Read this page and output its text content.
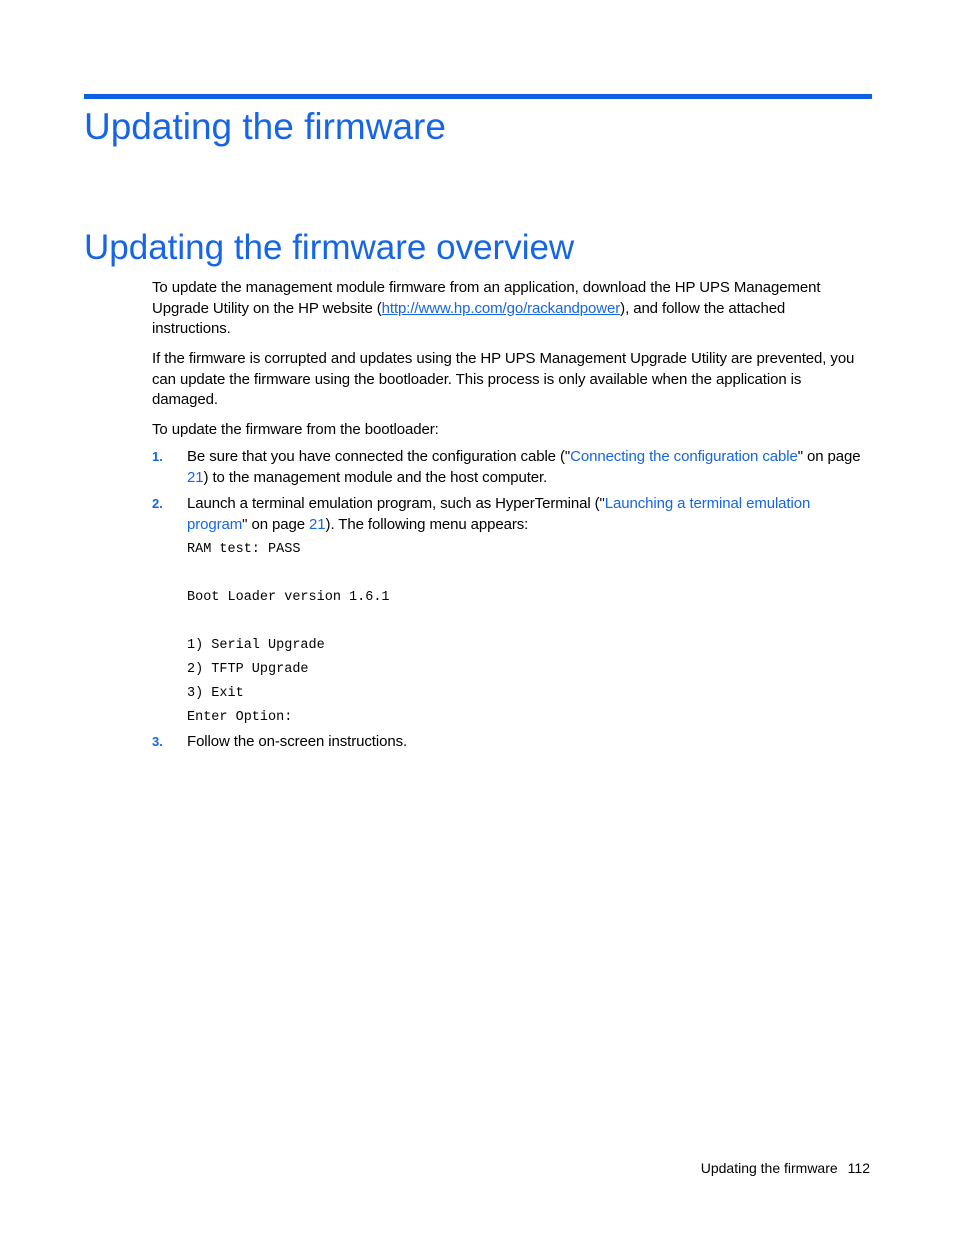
Updating the firmware
Updating the firmware overview

To update the management module firmware from an application, download the HP UPS Management Upgrade Utility on the HP website (http://www.hp.com/go/rackandpower), and follow the attached instructions.

If the firmware is corrupted and updates using the HP UPS Management Upgrade Utility are prevented, you can update the firmware using the bootloader. This process is only available when the application is damaged.

To update the firmware from the bootloader:

1. Be sure that you have connected the configuration cable ("Connecting the configuration cable" on page 21) to the management module and the host computer.

2. Launch a terminal emulation program, such as HyperTerminal ("Launching a terminal emulation program" on page 21). The following menu appears:

RAM test: PASS
Boot Loader version 1.6.1
1) Serial Upgrade
2) TFTP Upgrade
3) Exit
Enter Option:
3. Follow the on-screen instructions.

Updating the firmware 112
